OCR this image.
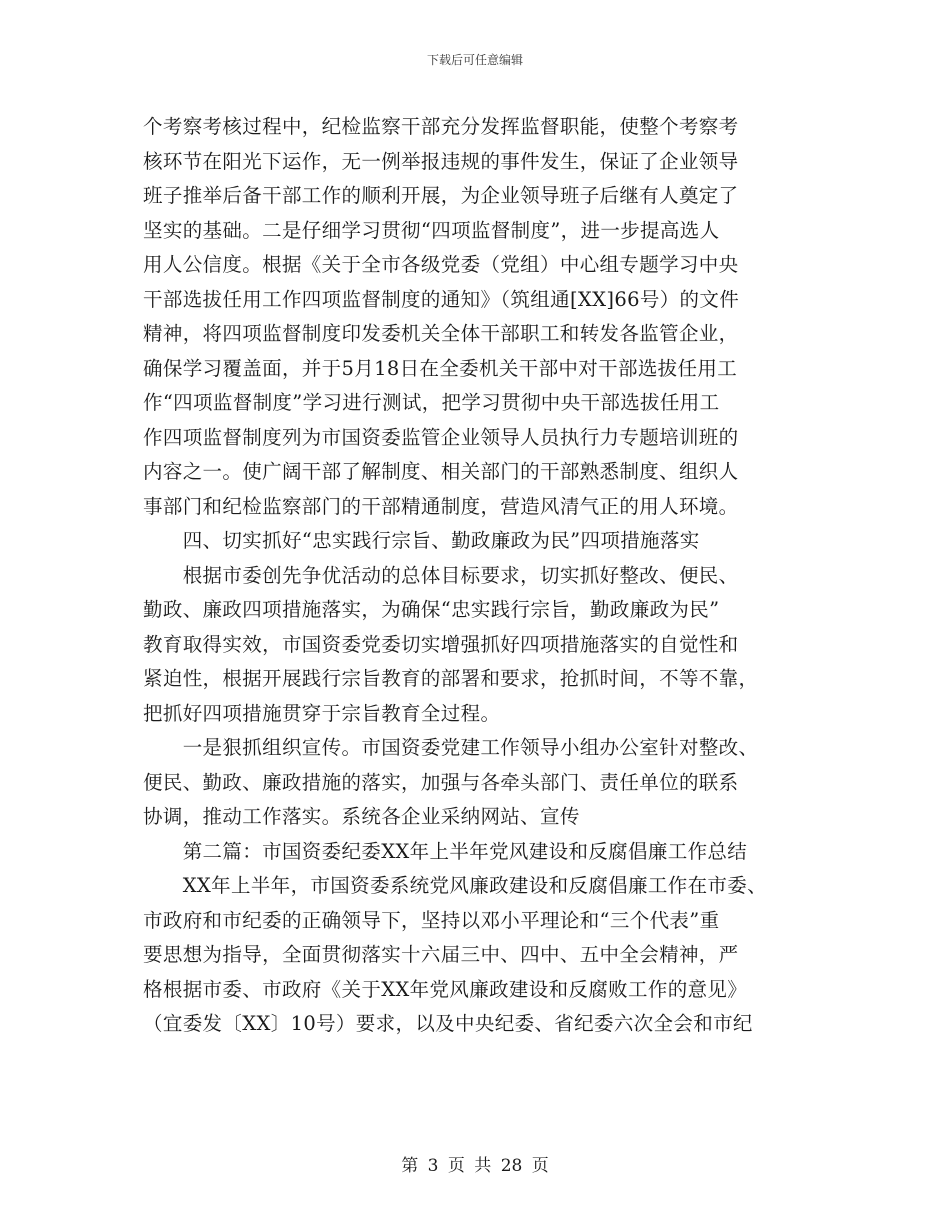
下载后可任意编辑
个考察考核过程中，纪检监察干部充分发挥监督职能，使整个考察考
核环节在阳光下运作，无一例举报违规的事件发生，保证了企业领导
班子推举后备干部工作的顺利开展，为企业领导班子后继有人奠定了
坚实的基础。二是仔细学习贯彻“四项监督制度”，进一步提高选人
用人公信度。根据《关于全市各级党委（党组）中心组专题学习中央
干部选拔任用工作四项监督制度的通知》（筑组通[XX]66号）的文件
精神，将四项监督制度印发委机关全体干部职工和转发各监管企业，
确保学习覆盖面，并于5月18日在全委机关干部中对干部选拔任用工
作“四项监督制度”学习进行测试，把学习贯彻中央干部选拔任用工
作四项监督制度列为市国资委监管企业领导人员执行力专题培训班的
内容之一。使广阔干部了解制度、相关部门的干部熟悉制度、组织人
事部门和纪检监察部门的干部精通制度，营造风清气正的用人环境。
　　四、切实抓好“忠实践行宗旨、勤政廉政为民”四项措施落实
　　根据市委创先争优活动的总体目标要求，切实抓好整改、便民、
勤政、廉政四项措施落实，为确保“忠实践行宗旨，勤政廉政为民”
教育取得实效，市国资委党委切实增强抓好四项措施落实的自觉性和
紧迫性，根据开展践行宗旨教育的部署和要求，抢抓时间，不等不靠，
把抓好四项措施贯穿于宗旨教育全过程。
　　一是狠抓组织宣传。市国资委党建工作领导小组办公室针对整改、
便民、勤政、廉政措施的落实，加强与各牵头部门、责任单位的联系
协调，推动工作落实。系统各企业采纳网站、宣传
　　第二篇：市国资委纪委XX年上半年党风建设和反腐倡廉工作总结
　　XX年上半年，市国资委系统党风廉政建设和反腐倡廉工作在市委、
市政府和市纪委的正确领导下，坚持以邓小平理论和“三个代表”重
要思想为指导，全面贯彻落实十六届三中、四中、五中全会精神，严
格根据市委、市政府《关于XX年党风廉政建设和反腐败工作的意见》
（宜委发〔XX〕10号）要求，以及中央纪委、省纪委六次全会和市纪
第 3 页 共 28 页
